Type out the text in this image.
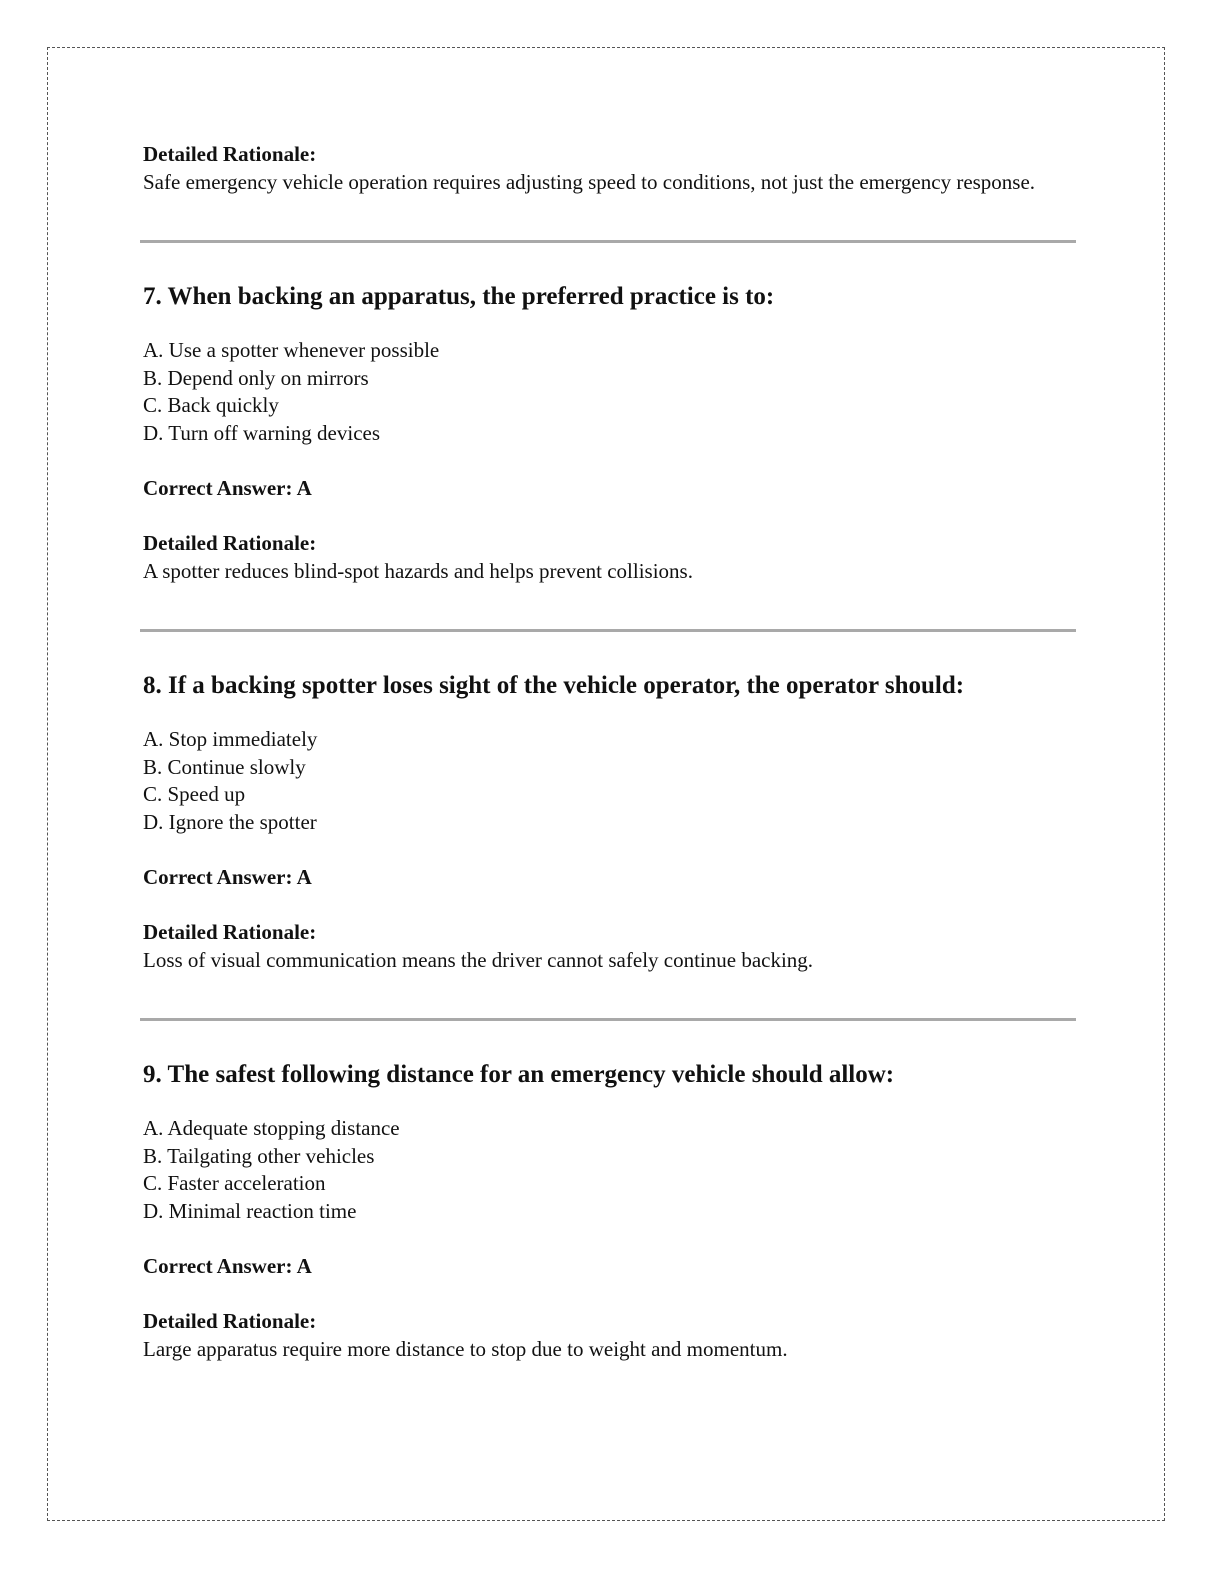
Detailed Rationale:

Safe emergency vehicle operation requires adjusting speed to conditions, not just the emergency response.

7. When backing an apparatus, the preferred practice is to:

A. Use a spotter whenever possible
B. Depend only on mirrors
C. Back quickly
D. Turn off warning devices

Correct Answer: A

Detailed Rationale:

A spotter reduces blind-spot hazards and helps prevent collisions.

8. If a backing spotter loses sight of the vehicle operator, the operator should:

A. Stop immediately
B. Continue slowly
C. Speed up
D. Ignore the spotter

Correct Answer: A

Detailed Rationale:

Loss of visual communication means the driver cannot safely continue backing.

9. The safest following distance for an emergency vehicle should allow:

A. Adequate stopping distance
B. Tailgating other vehicles
C. Faster acceleration
D. Minimal reaction time

Correct Answer: A

Detailed Rationale:

Large apparatus require more distance to stop due to weight and momentum.
